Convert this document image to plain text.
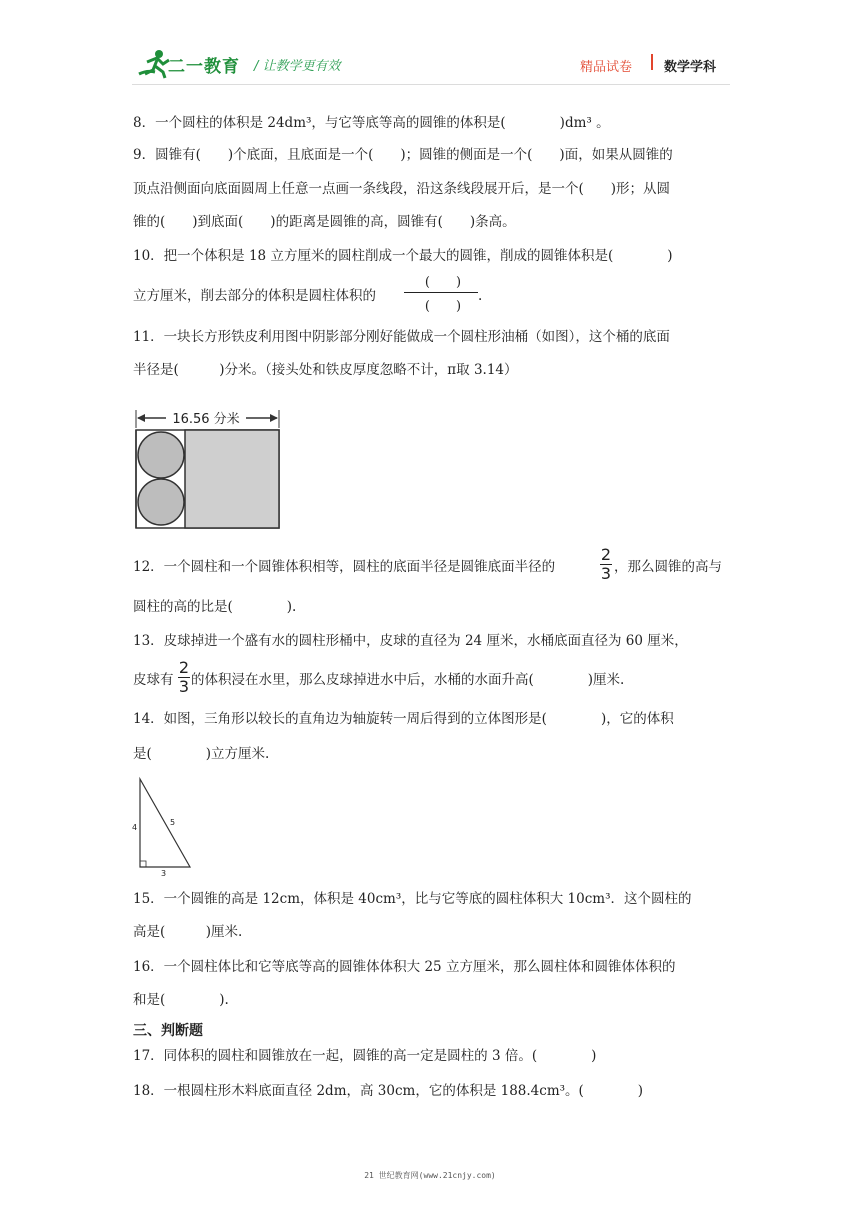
二一教育 / 让教学更有效	精品试卷 数学学科
8．一个圆柱的体积是 24dm³，与它等底等高的圆锥的体积是(　　　　)dm³ 。
9．圆锥有(　　)个底面，且底面是一个(　　)；圆锥的侧面是一个(　　)面，如果从圆锥的
顶点沿侧面向底面圆周上任意一点画一条线段，沿这条线段展开后，是一个(　　)形；从圆
锥的(　　)到底面(　　)的距离是圆锥的高，圆锥有(　　)条高。
10．把一个体积是 18 立方厘米的圆柱削成一个最大的圆锥，削成的圆锥体积是(　　　　)
立方厘米，削去部分的体积是圆柱体积的
(　　)
(　　)
.
11．一块长方形铁皮利用图中阴影部分刚好能做成一个圆柱形油桶（如图），这个桶的底面
半径是(　　　)分米。（接头处和铁皮厚度忽略不计，π取 3.14）
16.56 分米
12．一个圆柱和一个圆锥体积相等，圆柱的底面半径是圆锥底面半径的
2
3 ，那么圆锥的高与
圆柱的高的比是(　　　　).
13．皮球掉进一个盛有水的圆柱形桶中，皮球的直径为 24 厘米，水桶底面直径为 60 厘米，
皮球有
2
3 的体积浸在水里，那么皮球掉进水中后，水桶的水面升高(　　　　)厘米.
14．如图，三角形以较长的直角边为轴旋转一周后得到的立体图形是(　　　　)，它的体积
是(　　　　)立方厘米.
4
5
3
15．一个圆锥的高是 12cm，体积是 40cm³，比与它等底的圆柱体积大 10cm³．这个圆柱的
高是(　　　)厘米.
16．一个圆柱体比和它等底等高的圆锥体体积大 25 立方厘米，那么圆柱体和圆锥体体积的
和是(　　　　).
三、判断题
17．同体积的圆柱和圆锥放在一起，圆锥的高一定是圆柱的 3 倍。(　　　　)
18．一根圆柱形木料底面直径 2dm，高 30cm，它的体积是 188.4cm³。(　　　　)
21 世纪教育网(www.21cnjy.com)
